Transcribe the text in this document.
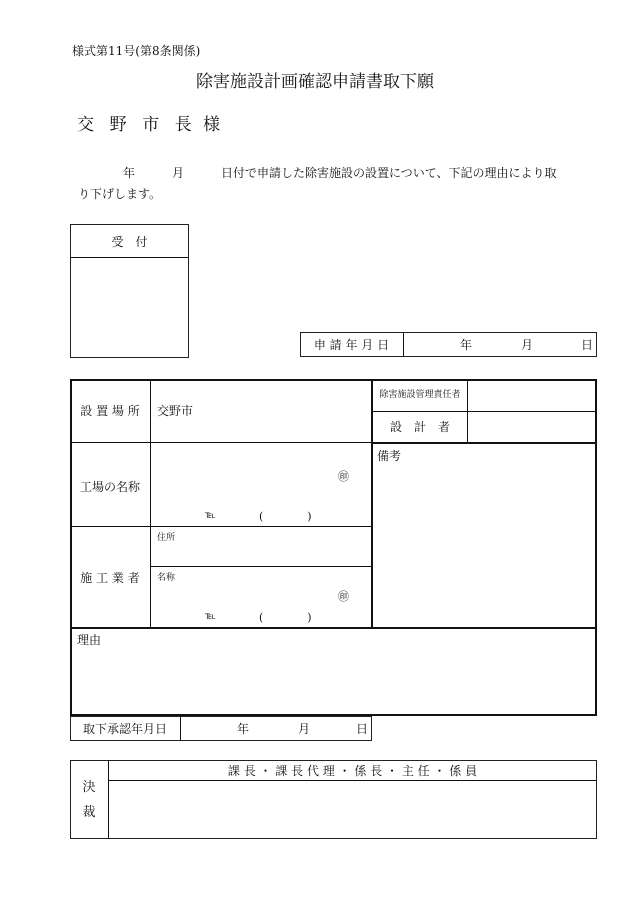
様式第11号(第8条関係)
除害施設計画確認申請書取下願
交 野 市 長 様
年	月	日付で申請した除害施設の設置について、下記の理由により取
り下げします。
受　付
申 請 年 月 日	年	月	日
設 置 場 所	交野市
除害施設管理責任者
設　計　者
工場の名称
㊞
℡	(　　　　)
備考
施 工 業 者
住所
名称
㊞
℡	(　　　　)
理由
取下承認年月日	年	月	日
決
裁
課 長 ・ 課 長 代 理 ・ 係 長 ・ 主 任 ・ 係 員
